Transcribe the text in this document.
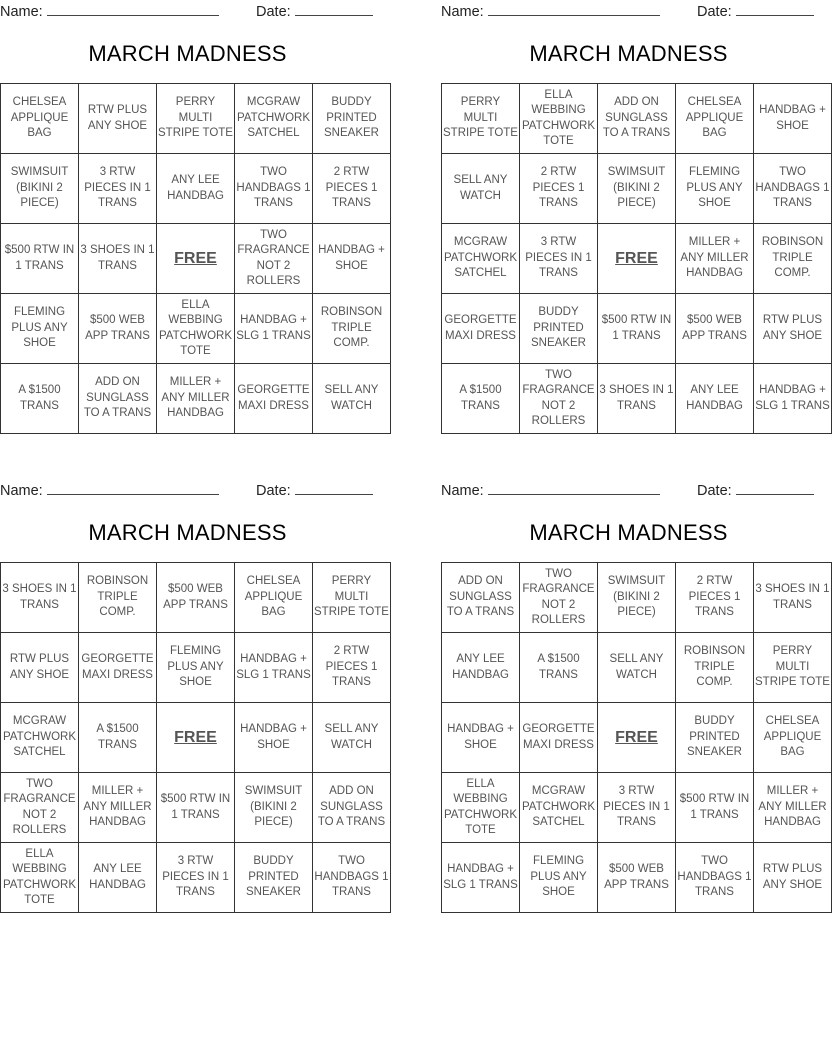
Name:	Date:
MARCH MADNESS
CHELSEA APPLIQUE BAG	RTW PLUS ANY SHOE	PERRY MULTI STRIPE TOTE	MCGRAW PATCHWORK SATCHEL	BUDDY PRINTED SNEAKER
SWIMSUIT (BIKINI 2 PIECE)	3 RTW PIECES IN 1 TRANS	ANY LEE HANDBAG	TWO HANDBAGS 1 TRANS	2 RTW PIECES 1 TRANS
$500 RTW IN 1 TRANS	3 SHOES IN 1 TRANS	FREE	TWO FRAGRANCE NOT 2 ROLLERS	HANDBAG + SHOE
FLEMING PLUS ANY SHOE	$500 WEB APP TRANS	ELLA WEBBING PATCHWORK TOTE	HANDBAG + SLG 1 TRANS	ROBINSON TRIPLE COMP.
A $1500 TRANS	ADD ON SUNGLASS TO A TRANS	MILLER + ANY MILLER HANDBAG	GEORGETTE MAXI DRESS	SELL ANY WATCH
Name:	Date:
MARCH MADNESS
PERRY MULTI STRIPE TOTE	ELLA WEBBING PATCHWORK TOTE	ADD ON SUNGLASS TO A TRANS	CHELSEA APPLIQUE BAG	HANDBAG + SHOE
SELL ANY WATCH	2 RTW PIECES 1 TRANS	SWIMSUIT (BIKINI 2 PIECE)	FLEMING PLUS ANY SHOE	TWO HANDBAGS 1 TRANS
MCGRAW PATCHWORK SATCHEL	3 RTW PIECES IN 1 TRANS	FREE	MILLER + ANY MILLER HANDBAG	ROBINSON TRIPLE COMP.
GEORGETTE MAXI DRESS	BUDDY PRINTED SNEAKER	$500 RTW IN 1 TRANS	$500 WEB APP TRANS	RTW PLUS ANY SHOE
A $1500 TRANS	TWO FRAGRANCE NOT 2 ROLLERS	3 SHOES IN 1 TRANS	ANY LEE HANDBAG	HANDBAG + SLG 1 TRANS
Name:	Date:
MARCH MADNESS
3 SHOES IN 1 TRANS	ROBINSON TRIPLE COMP.	$500 WEB APP TRANS	CHELSEA APPLIQUE BAG	PERRY MULTI STRIPE TOTE
RTW PLUS ANY SHOE	GEORGETTE MAXI DRESS	FLEMING PLUS ANY SHOE	HANDBAG + SLG 1 TRANS	2 RTW PIECES 1 TRANS
MCGRAW PATCHWORK SATCHEL	A $1500 TRANS	FREE	HANDBAG + SHOE	SELL ANY WATCH
TWO FRAGRANCE NOT 2 ROLLERS	MILLER + ANY MILLER HANDBAG	$500 RTW IN 1 TRANS	SWIMSUIT (BIKINI 2 PIECE)	ADD ON SUNGLASS TO A TRANS
ELLA WEBBING PATCHWORK TOTE	ANY LEE HANDBAG	3 RTW PIECES IN 1 TRANS	BUDDY PRINTED SNEAKER	TWO HANDBAGS 1 TRANS
Name:	Date:
MARCH MADNESS
ADD ON SUNGLASS TO A TRANS	TWO FRAGRANCE NOT 2 ROLLERS	SWIMSUIT (BIKINI 2 PIECE)	2 RTW PIECES 1 TRANS	3 SHOES IN 1 TRANS
ANY LEE HANDBAG	A $1500 TRANS	SELL ANY WATCH	ROBINSON TRIPLE COMP.	PERRY MULTI STRIPE TOTE
HANDBAG + SHOE	GEORGETTE MAXI DRESS	FREE	BUDDY PRINTED SNEAKER	CHELSEA APPLIQUE BAG
ELLA WEBBING PATCHWORK TOTE	MCGRAW PATCHWORK SATCHEL	3 RTW PIECES IN 1 TRANS	$500 RTW IN 1 TRANS	MILLER + ANY MILLER HANDBAG
HANDBAG + SLG 1 TRANS	FLEMING PLUS ANY SHOE	$500 WEB APP TRANS	TWO HANDBAGS 1 TRANS	RTW PLUS ANY SHOE
